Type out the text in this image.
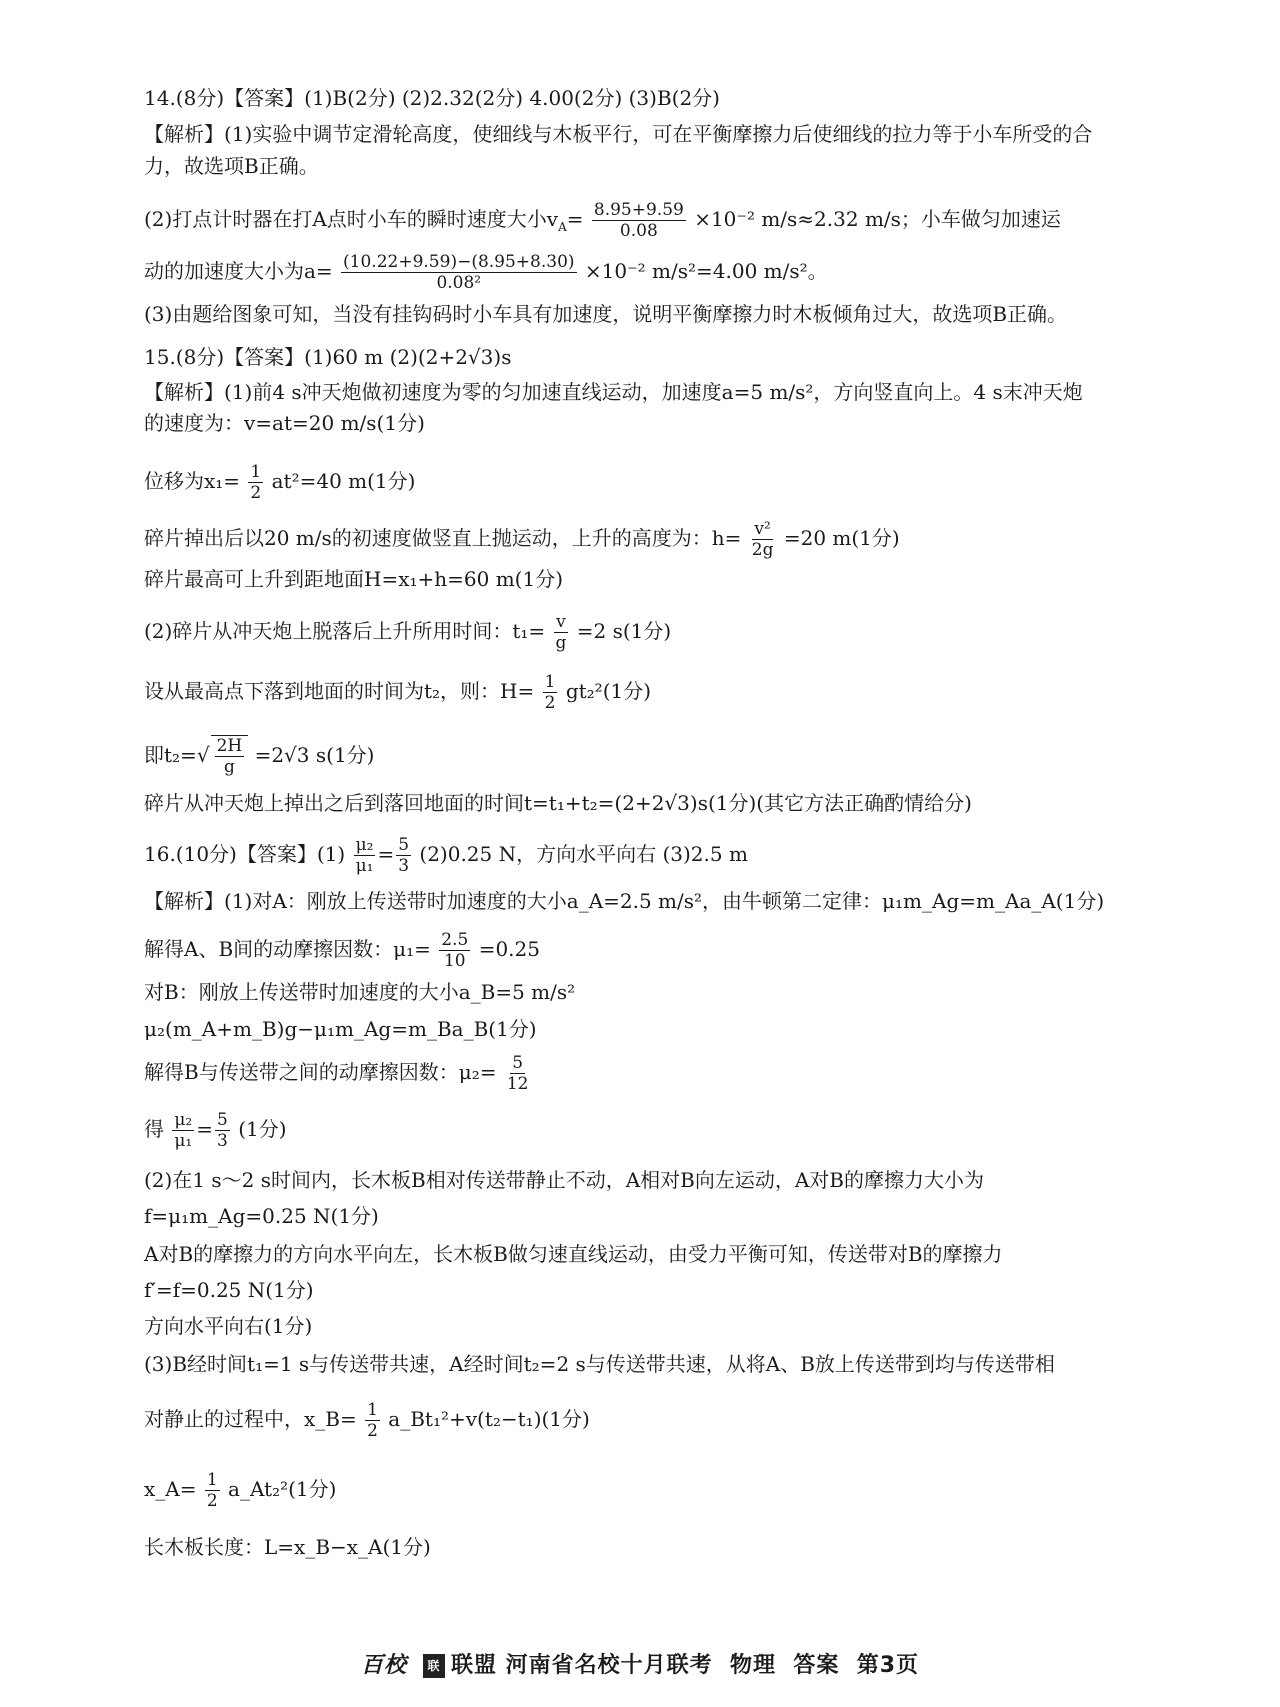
14.(8分)【答案】(1)B(2分) (2)2.32(2分) 4.00(2分) (3)B(2分)
【解析】(1)实验中调节定滑轮高度，使细线与木板平行，可在平衡摩擦力后使细线的拉力等于小车所受的合
力，故选项B正确。
(2)打点计时器在打A点时小车的瞬时速度大小$v_A= \frac{8.95+9.59}{0.08} \times 10^{-2}$ m/s≈2.32 m/s；小车做匀加速运
动的加速度大小为$a= \frac{(10.22+9.59)-(8.95+8.30)}{\text{0.08²}} \times 10^{-2}$ m/s²=4.00 m/s²。
(3)由题给图象可知，当没有挂钩码时小车具有加速度，说明平衡摩擦力时木板倾角过大，故选项B正确。
15.(8分)【答案】(1)60 m (2)(2+2√3)s
【解析】(1)前4 s冲天炮做初速度为零的匀加速直线运动，加速度a=5 m/s²，方向竖直向上。4 s末冲天炮
的速度为：v=at=20 m/s(1分)
位移为$x_1= \frac{1}{2} at^2=40$ m(1分)
碎片掉出后以20 m/s的初速度做竖直上抛运动，上升的高度为：$h= \frac{\text{v²}}{2g} =20$ m(1分)
碎片最高可上升到距地面H=x₁+h=60 m(1分)
(2)碎片从冲天炮上脱落后上升所用时间：$t_1= \frac{v}{g} =2$ s(1分)
设从最高点下落到地面的时间为t₂，则：$H= \frac{1}{2} gt_2^2(1$分)
即$t_2=√ \frac{2H}{g} =2√3$ s(1分)
碎片从冲天炮上掉出之后到落回地面的时间t=t₁+t₂=(2+2√3)s(1分)(其它方法正确酌情给分)
16.(10分)【答案】$(1) \frac{\text{μ₂}}{\text{μ₁}} = \frac{5}{3} (2)0.25$ N，方向水平向右 (3)2.5 m
【解析】(1)对A：刚放上传送带时加速度的大小a_A=2.5 m/s²，由牛顿第二定律：μ₁m_Ag=m_Aa_A(1分)
解得A、B间的动摩擦因数：$\mu_1= \frac{2.5}{10} =0.25$
对B：刚放上传送带时加速度的大小a_B=5 m/s²
μ₂(m_A+m_B)g−μ₁m_Ag=m_Ba_B(1分)
解得B与传送带之间的动摩擦因数：$\mu_2= \frac{5}{12}$
得 $\frac{\text{μ₂}}{\text{μ₁}} = \frac{5}{3} (1$分)
(2)在1 s～2 s时间内，长木板B相对传送带静止不动，A相对B向左运动，A对B的摩擦力大小为
f=μ₁m_Ag=0.25 N(1分)
A对B的摩擦力的方向水平向左，长木板B做匀速直线运动，由受力平衡可知，传送带对B的摩擦力
f′=f=0.25 N(1分)
方向水平向右(1分)
(3)B经时间t₁=1 s与传送带共速，A经时间t₂=2 s与传送带共速，从将A、B放上传送带到均与传送带相
对静止的过程中，x_B= $\frac{1}{2}$ a_Bt₁²+v(t₂−t₁)(1分)
x_A= $\frac{1}{2}$ a_At₂²(1分)
长木板长度：L=x_B−x_A(1分)
百校 联 联盟 河南省名校十月联考 物理 答案 第3页
